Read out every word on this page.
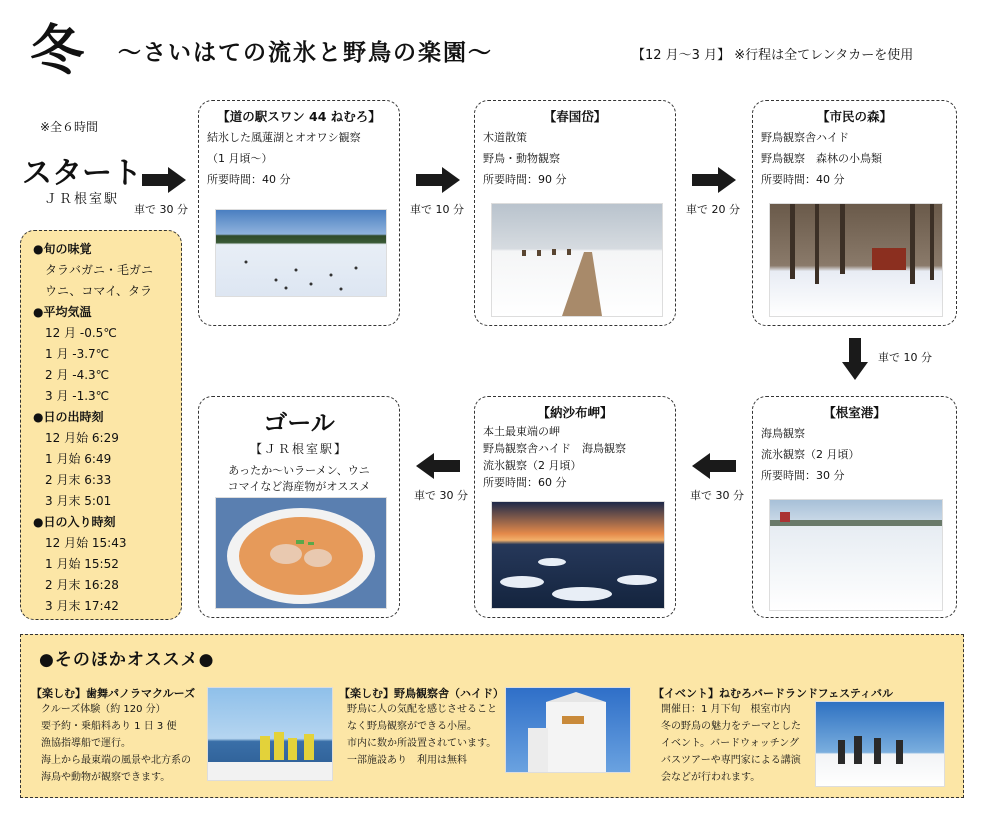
冬 ～さいはての流氷と野鳥の楽園～	【12 月～3 月】 ※行程は全てレンタカーを使用
※全６時間
スタート
ＪＲ根室駅
車で 30 分
【道の駅スワン 44 ねむろ】
結氷した風蓮湖とオオワシ観察
（1 月頃～）
所要時間：40 分
車で 10 分
【春国岱】
木道散策
野鳥・動物観察
所要時間：90 分
車で 20 分
【市民の森】
野鳥観察舎ハイド
野鳥観察　森林の小鳥類
所要時間：40 分
車で 10 分
【根室港】
海鳥観察
流氷観察（2 月頃）
所要時間：30 分
車で 30 分
【納沙布岬】
本土最東端の岬
野鳥観察舎ハイド　海鳥観察
流氷観察（2 月頃）
所要時間：60 分
車で 30 分
ゴール
【ＪＲ根室駅】
あったか～いラーメン、ウニ
コマイなど海産物がオススメ
●旬の味覚
タラバガニ・毛ガニ
ウニ、コマイ、タラ
●平均気温
12 月 -0.5℃
1 月 -3.7℃
2 月 -4.3℃
3 月 -1.3℃
●日の出時刻
12 月始 6:29
1 月始 6:49
2 月末 6:33
3 月末 5:01
●日の入り時刻
12 月始 15:43
1 月始 15:52
2 月末 16:28
3 月末 17:42
●そのほかオススメ●
【楽しむ】歯舞パノラマクルーズ
クルーズ体験（約 120 分）
要予約・乗船料あり 1 日 3 便
漁協指導船で運行。
海上から最東端の風景や北方系の
海鳥や動物が観察できます。
【楽しむ】野鳥観察舎（ハイド）
野鳥に人の気配を感じさせること
なく野鳥観察ができる小屋。
市内に数か所設置されています。
一部施設あり　利用は無料
【イベント】ねむろバードランドフェスティバル
開催日：1 月下旬　根室市内
冬の野鳥の魅力をテーマとした
イベント。バードウォッチング
バスツアーや専門家による講演
会などが行われます。
